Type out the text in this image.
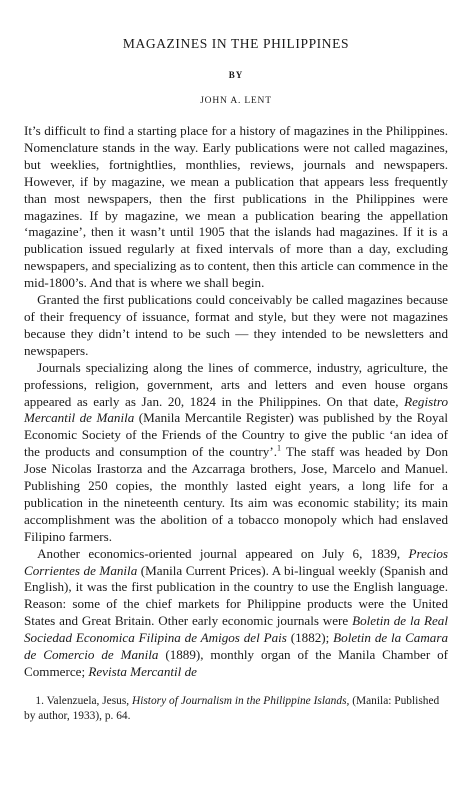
MAGAZINES IN THE PHILIPPINES
BY
JOHN A. LENT

It’s difficult to find a starting place for a history of magazines in the Philippines. Nomenclature stands in the way. Early publications were not called magazines, but weeklies, fortnightlies, monthlies, reviews, journals and newspapers. However, if by magazine, we mean a publication that appears less frequently than most newspapers, then the first publications in the Philippines were magazines. If by magazine, we mean a publication bearing the appellation ‘magazine’, then it wasn’t until 1905 that the islands had magazines. If it is a publication issued regularly at fixed intervals of more than a day, excluding newspapers, and specializing as to content, then this article can commence in the mid-1800’s. And that is where we shall begin.

Granted the first publications could conceivably be called magazines because of their frequency of issuance, format and style, but they were not magazines because they didn’t intend to be such — they intended to be newsletters and newspapers.

Journals specializing along the lines of commerce, industry, agriculture, the professions, religion, government, arts and letters and even house organs appeared as early as Jan. 20, 1824 in the Philippines. On that date, Registro Mercantil de Manila (Manila Mercantile Register) was published by the Royal Economic Society of the Friends of the Country to give the public ‘an idea of the products and consumption of the country’.$^1$ The staff was headed by Don Jose Nicolas Irastorza and the Azcarraga brothers, Jose, Marcelo and Manuel. Publishing 250 copies, the monthly lasted eight years, a long life for a publication in the nineteenth century. Its aim was economic stability; its main accomplishment was the abolition of a tobacco monopoly which had enslaved Filipino farmers.

Another economics-oriented journal appeared on July 6, 1839, Precios Corrientes de Manila (Manila Current Prices). A bi-lingual weekly (Spanish and English), it was the first publication in the country to use the English language. Reason: some of the chief markets for Philippine products were the United States and Great Britain. Other early economic journals were Boletin de la Real Sociedad Economica Filipina de Amigos del Pais (1882); Boletin de la Camara de Comercio de Manila (1889), monthly organ of the Manila Chamber of Commerce; Revista Mercantil de

1. Valenzuela, Jesus, History of Journalism in the Philippine Islands, (Manila: Published by author, 1933), p. 64.
